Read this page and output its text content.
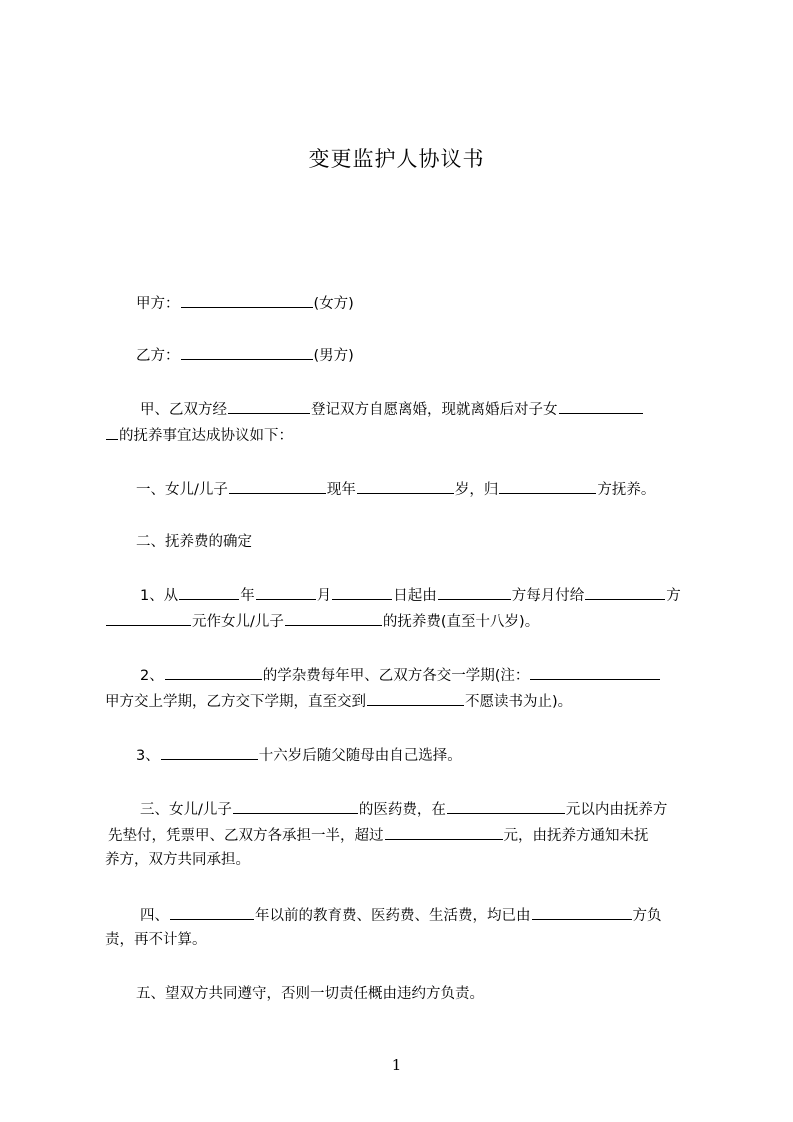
变更监护人协议书
甲方：	(女方)
乙方：	(男方)
甲、乙双方经	登记双方自愿离婚，现就离婚后对子女
的抚养事宜达成协议如下：
一、女儿/儿子	现年	岁，归	方抚养。
二、抚养费的确定
1、从	年	月	日起由	方每月付给	方
元作女儿/儿子	的抚养费(直至十八岁)。
2、	的学杂费每年甲、乙双方各交一学期(注：
甲方交上学期，乙方交下学期，直至交到	不愿读书为止)。
3、	十六岁后随父随母由自己选择。
三、女儿/儿子	的医药费，在	元以内由抚养方
先垫付，凭票甲、乙双方各承担一半，超过	元，由抚养方通知未抚
养方，双方共同承担。
四、	年以前的教育费、医药费、生活费，均已由	方负
责，再不计算。
五、望双方共同遵守，否则一切责任概由违约方负责。
1
